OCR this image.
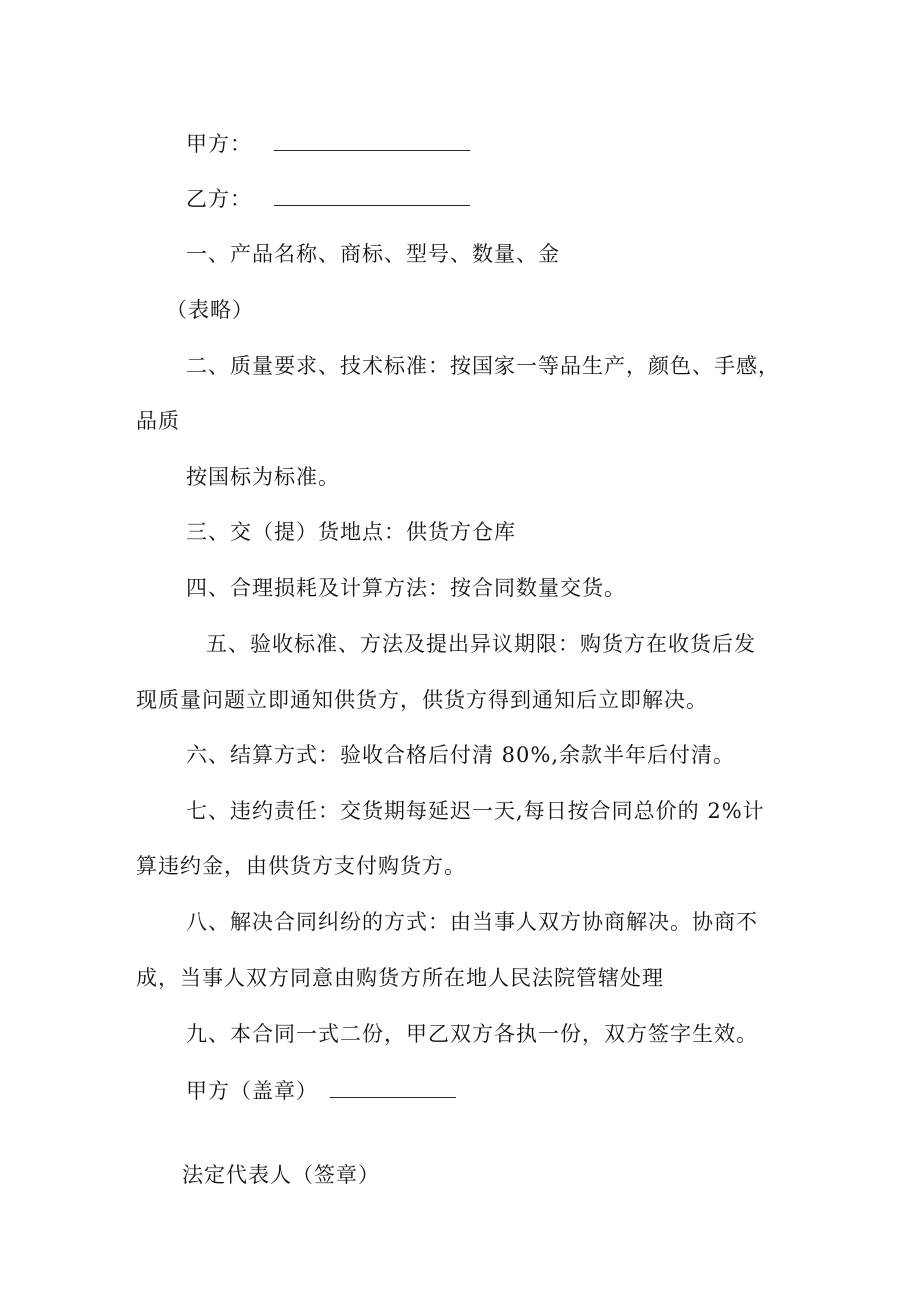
甲方：
乙方：
一、产品名称、商标、型号、数量、金
（表略）
二、质量要求、技术标准：按国家一等品生产，颜色、手感，
品质
按国标为标准。
三、交（提）货地点：供货方仓库
四、合理损耗及计算方法：按合同数量交货。
五、验收标准、方法及提出异议期限：购货方在收货后发
现质量问题立即通知供货方，供货方得到通知后立即解决。
六、结算方式：验收合格后付清 80%,余款半年后付清。
七、违约责任：交货期每延迟一天,每日按合同总价的 2%计
算违约金，由供货方支付购货方。
八、解决合同纠纷的方式：由当事人双方协商解决。协商不
成，当事人双方同意由购货方所在地人民法院管辖处理
九、本合同一式二份，甲乙双方各执一份，双方签字生效。
甲方（盖章）
法定代表人（签章）
